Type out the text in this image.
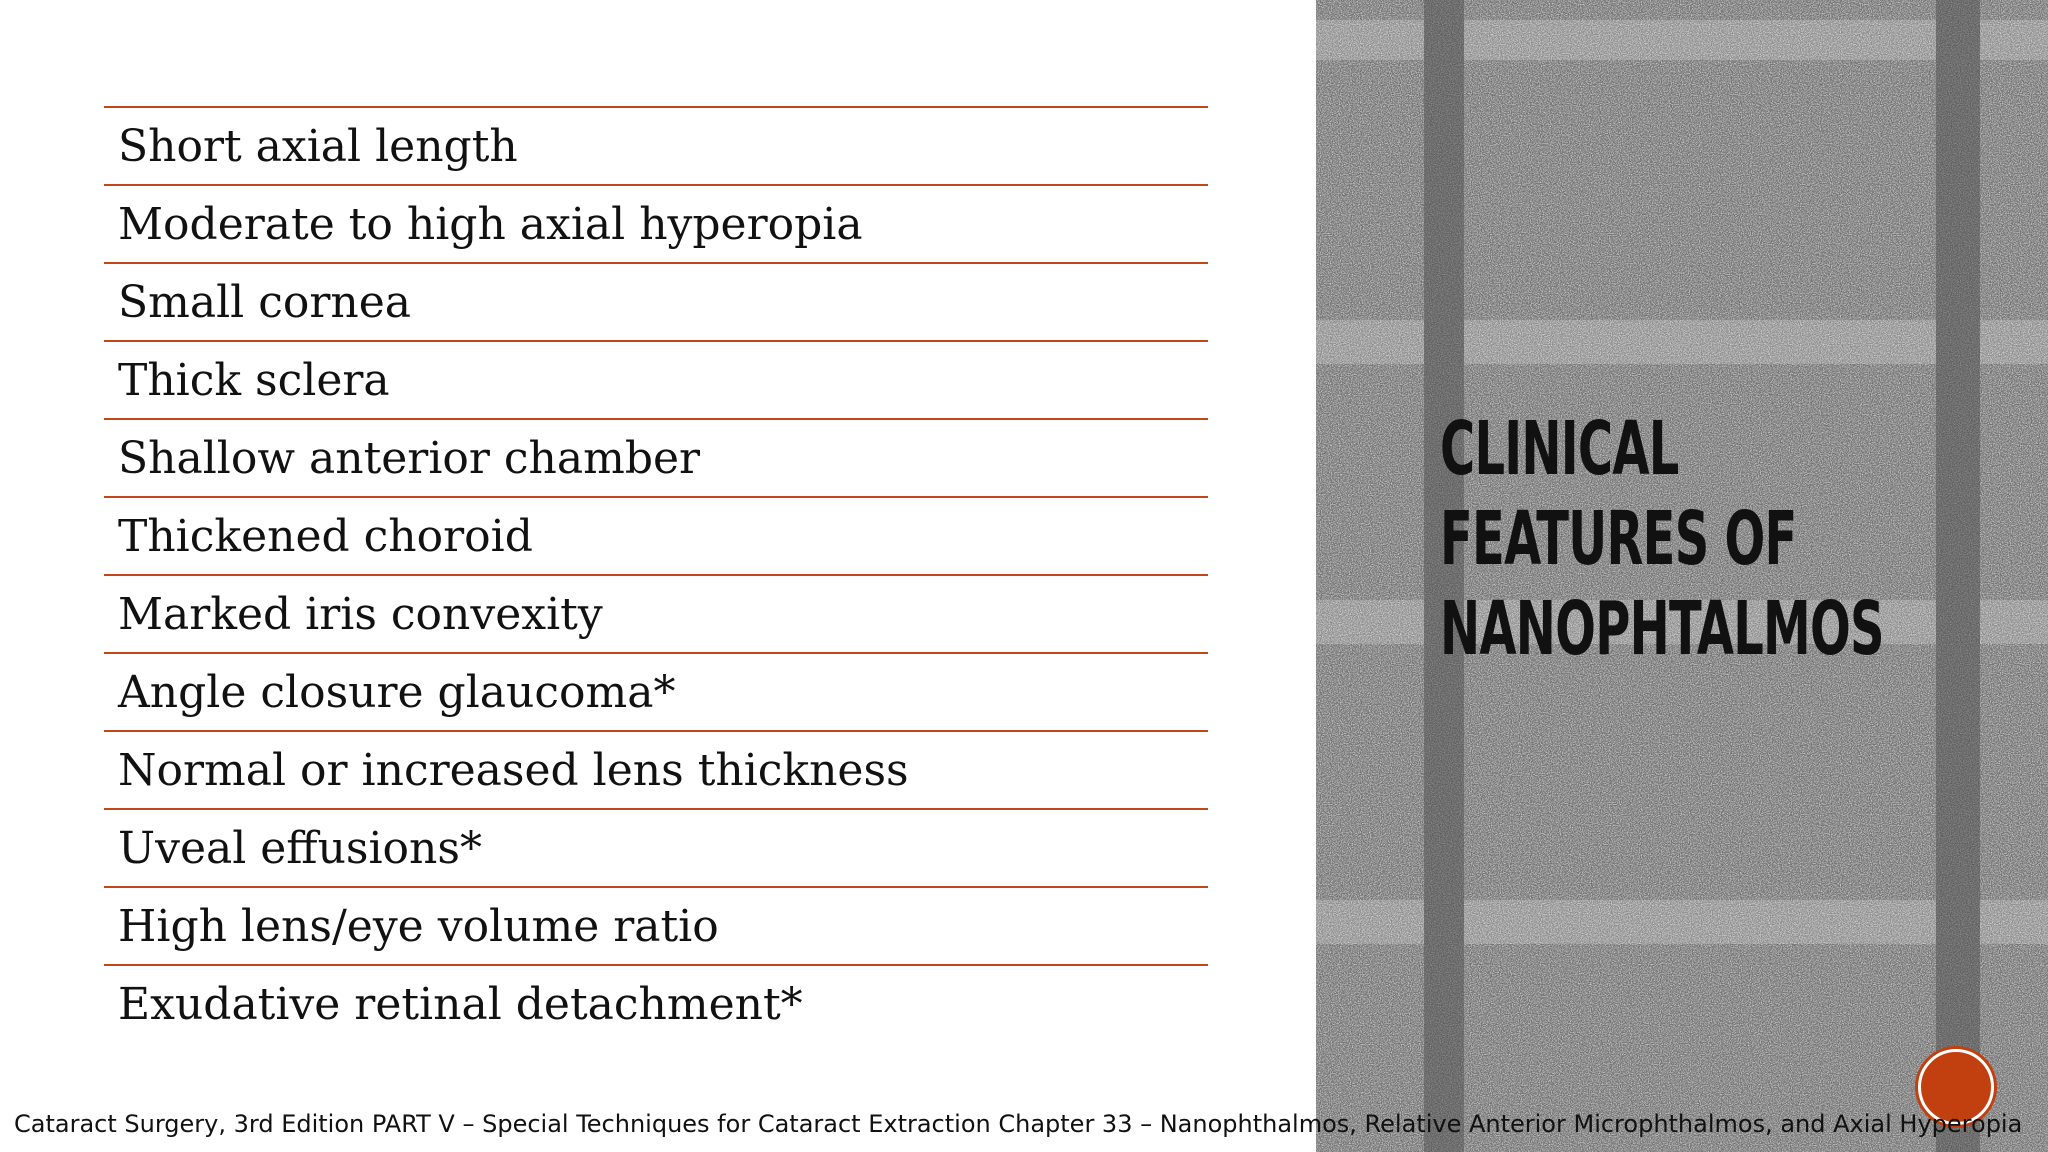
Short axial length
Moderate to high axial hyperopia
Small cornea
Thick sclera
Shallow anterior chamber
Thickened choroid
Marked iris convexity
Angle closure glaucoma*
Normal or increased lens thickness
Uveal effusions*
High lens/eye volume ratio
Exudative retinal detachment*
CLINICAL
FEATURES OF
NANOPHTALMOS
Cataract Surgery, 3rd Edition PART V – Special Techniques for Cataract Extraction Chapter 33 – Nanophthalmos, Relative Anterior Microphthalmos, and Axial Hyperopia
